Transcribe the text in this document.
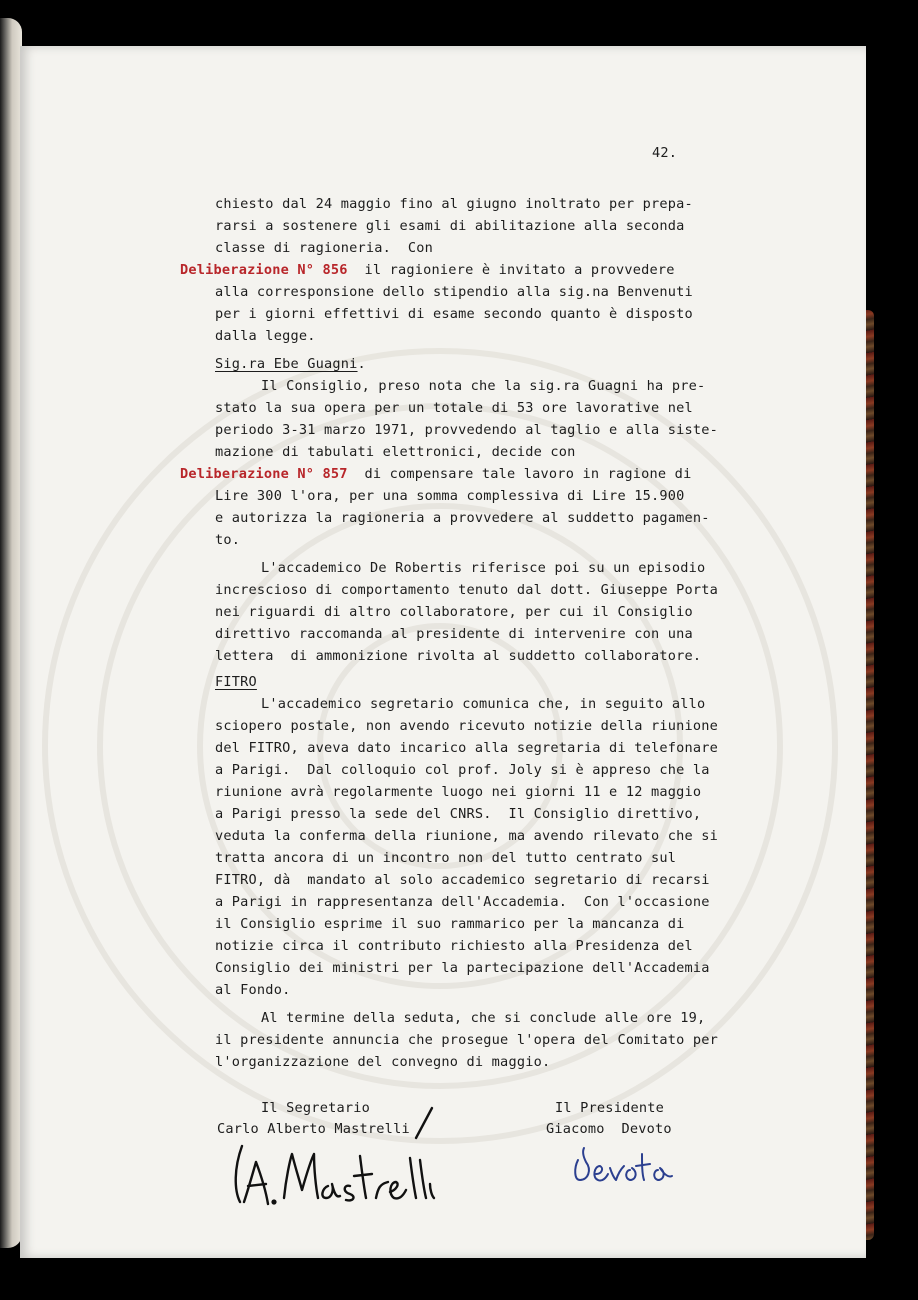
42.
chiesto dal 24 maggio fino al giugno inoltrato per prepa-
rarsi a sostenere gli esami di abilitazione alla seconda
classe di ragioneria.  Con
Deliberazione N° 856 il ragioniere è invitato a provvedere
alla corresponsione dello stipendio alla sig.na Benvenuti
per i giorni effettivi di esame secondo quanto è disposto
dalla legge.
Sig.ra Ebe Guagni.
Il Consiglio, preso nota che la sig.ra Guagni ha pre-
stato la sua opera per un totale di 53 ore lavorative nel
periodo 3-31 marzo 1971, provvedendo al taglio e alla siste-
mazione di tabulati elettronici, decide con
Deliberazione N° 857 di compensare tale lavoro in ragione di
Lire 300 l'ora, per una somma complessiva di Lire 15.900
e autorizza la ragioneria a provvedere al suddetto pagamen-
to.
L'accademico De Robertis riferisce poi su un episodio
increscioso di comportamento tenuto dal dott. Giuseppe Porta
nei riguardi di altro collaboratore, per cui il Consiglio
direttivo raccomanda al presidente di intervenire con una
lettera  di ammonizione rivolta al suddetto collaboratore.
FITRO
L'accademico segretario comunica che, in seguito allo
sciopero postale, non avendo ricevuto notizie della riunione
del FITRO, aveva dato incarico alla segretaria di telefonare
a Parigi.  Dal colloquio col prof. Joly si è appreso che la
riunione avrà regolarmente luogo nei giorni 11 e 12 maggio
a Parigi presso la sede del CNRS.  Il Consiglio direttivo,
veduta la conferma della riunione, ma avendo rilevato che si
tratta ancora di un incontro non del tutto centrato sul
FITRO, dà  mandato al solo accademico segretario di recarsi
a Parigi in rappresentanza dell'Accademia.  Con l'occasione
il Consiglio esprime il suo rammarico per la mancanza di
notizie circa il contributo richiesto alla Presidenza del
Consiglio dei ministri per la partecipazione dell'Accademia
al Fondo.
Al termine della seduta, che si conclude alle ore 19,
il presidente annuncia che prosegue l'opera del Comitato per
l'organizzazione del convegno di maggio.
Il Segretario
Carlo Alberto Mastrelli
Il Presidente
Giacomo  Devoto
